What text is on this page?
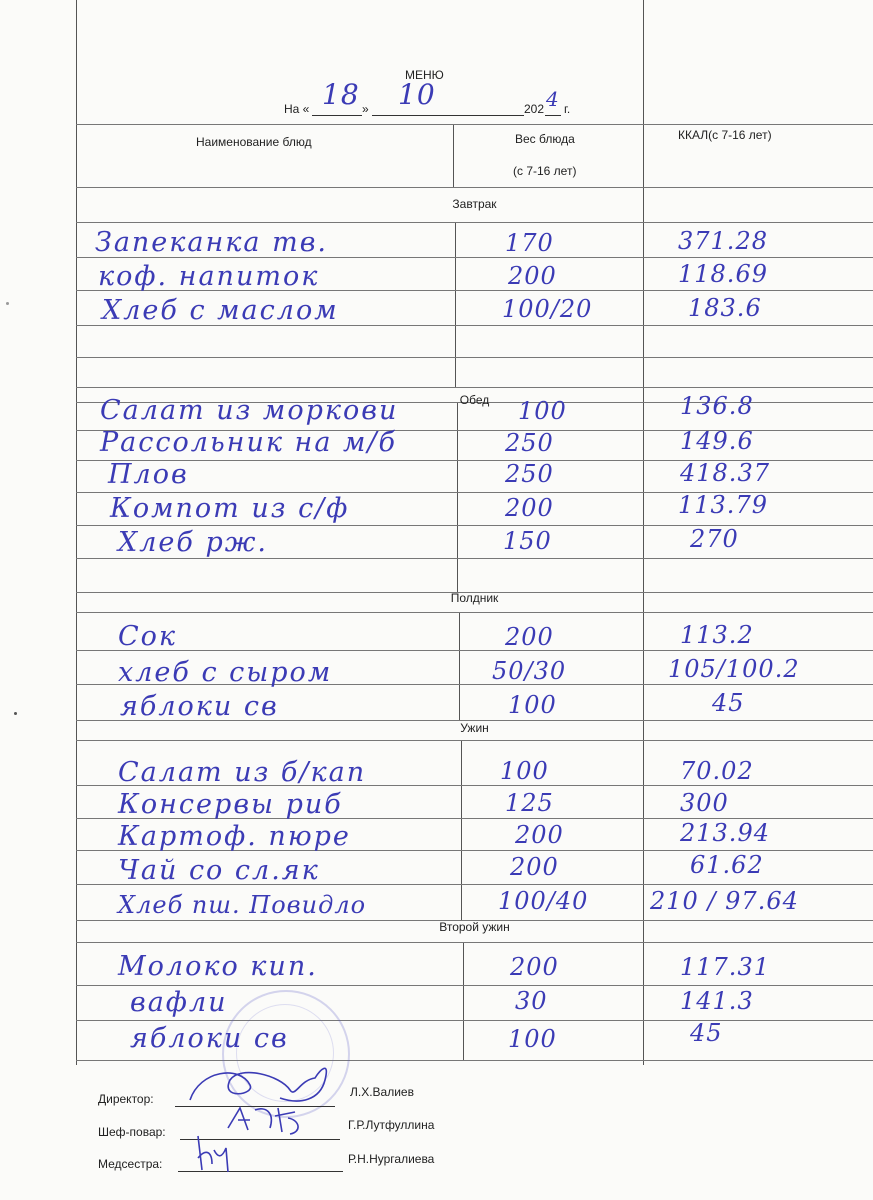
МЕНЮ
На « 18 » 10	202 4 г.
Наименование блюд	Вес блюда
(с 7-16 лет)
ККАЛ(с 7-16 лет)
Завтрак
Обед
Полдник
Ужин
Второй ужин
Запеканка тв.	170	371.28
коф. напиток	200	118.69
Хлеб с маслом	100/20	183.6
Салат из моркови	100	136.8
Рассольник на м/б	250	149.6
Плов	250	418.37
Компот из с/ф	200	113.79
Хлеб рж.	150	270
Сок	200	113.2
хлеб с сыром	50/30	105/100.2
яблоки св	100	45
Салат из б/кап	100	70.02
Консервы риб	125	300
Картоф. пюре	200	213.94
Чай со сл.як	200	61.62
Хлеб пш. Повидло	100/40	210 / 97.64
Молоко кип.	200	117.31
вафли	30	141.3
яблоки св	100	45
Директор:	Л.Х.Валиев
Шеф-повар:	Г.Р.Лутфуллина
Медсестра:	Р.Н.Нургалиева
